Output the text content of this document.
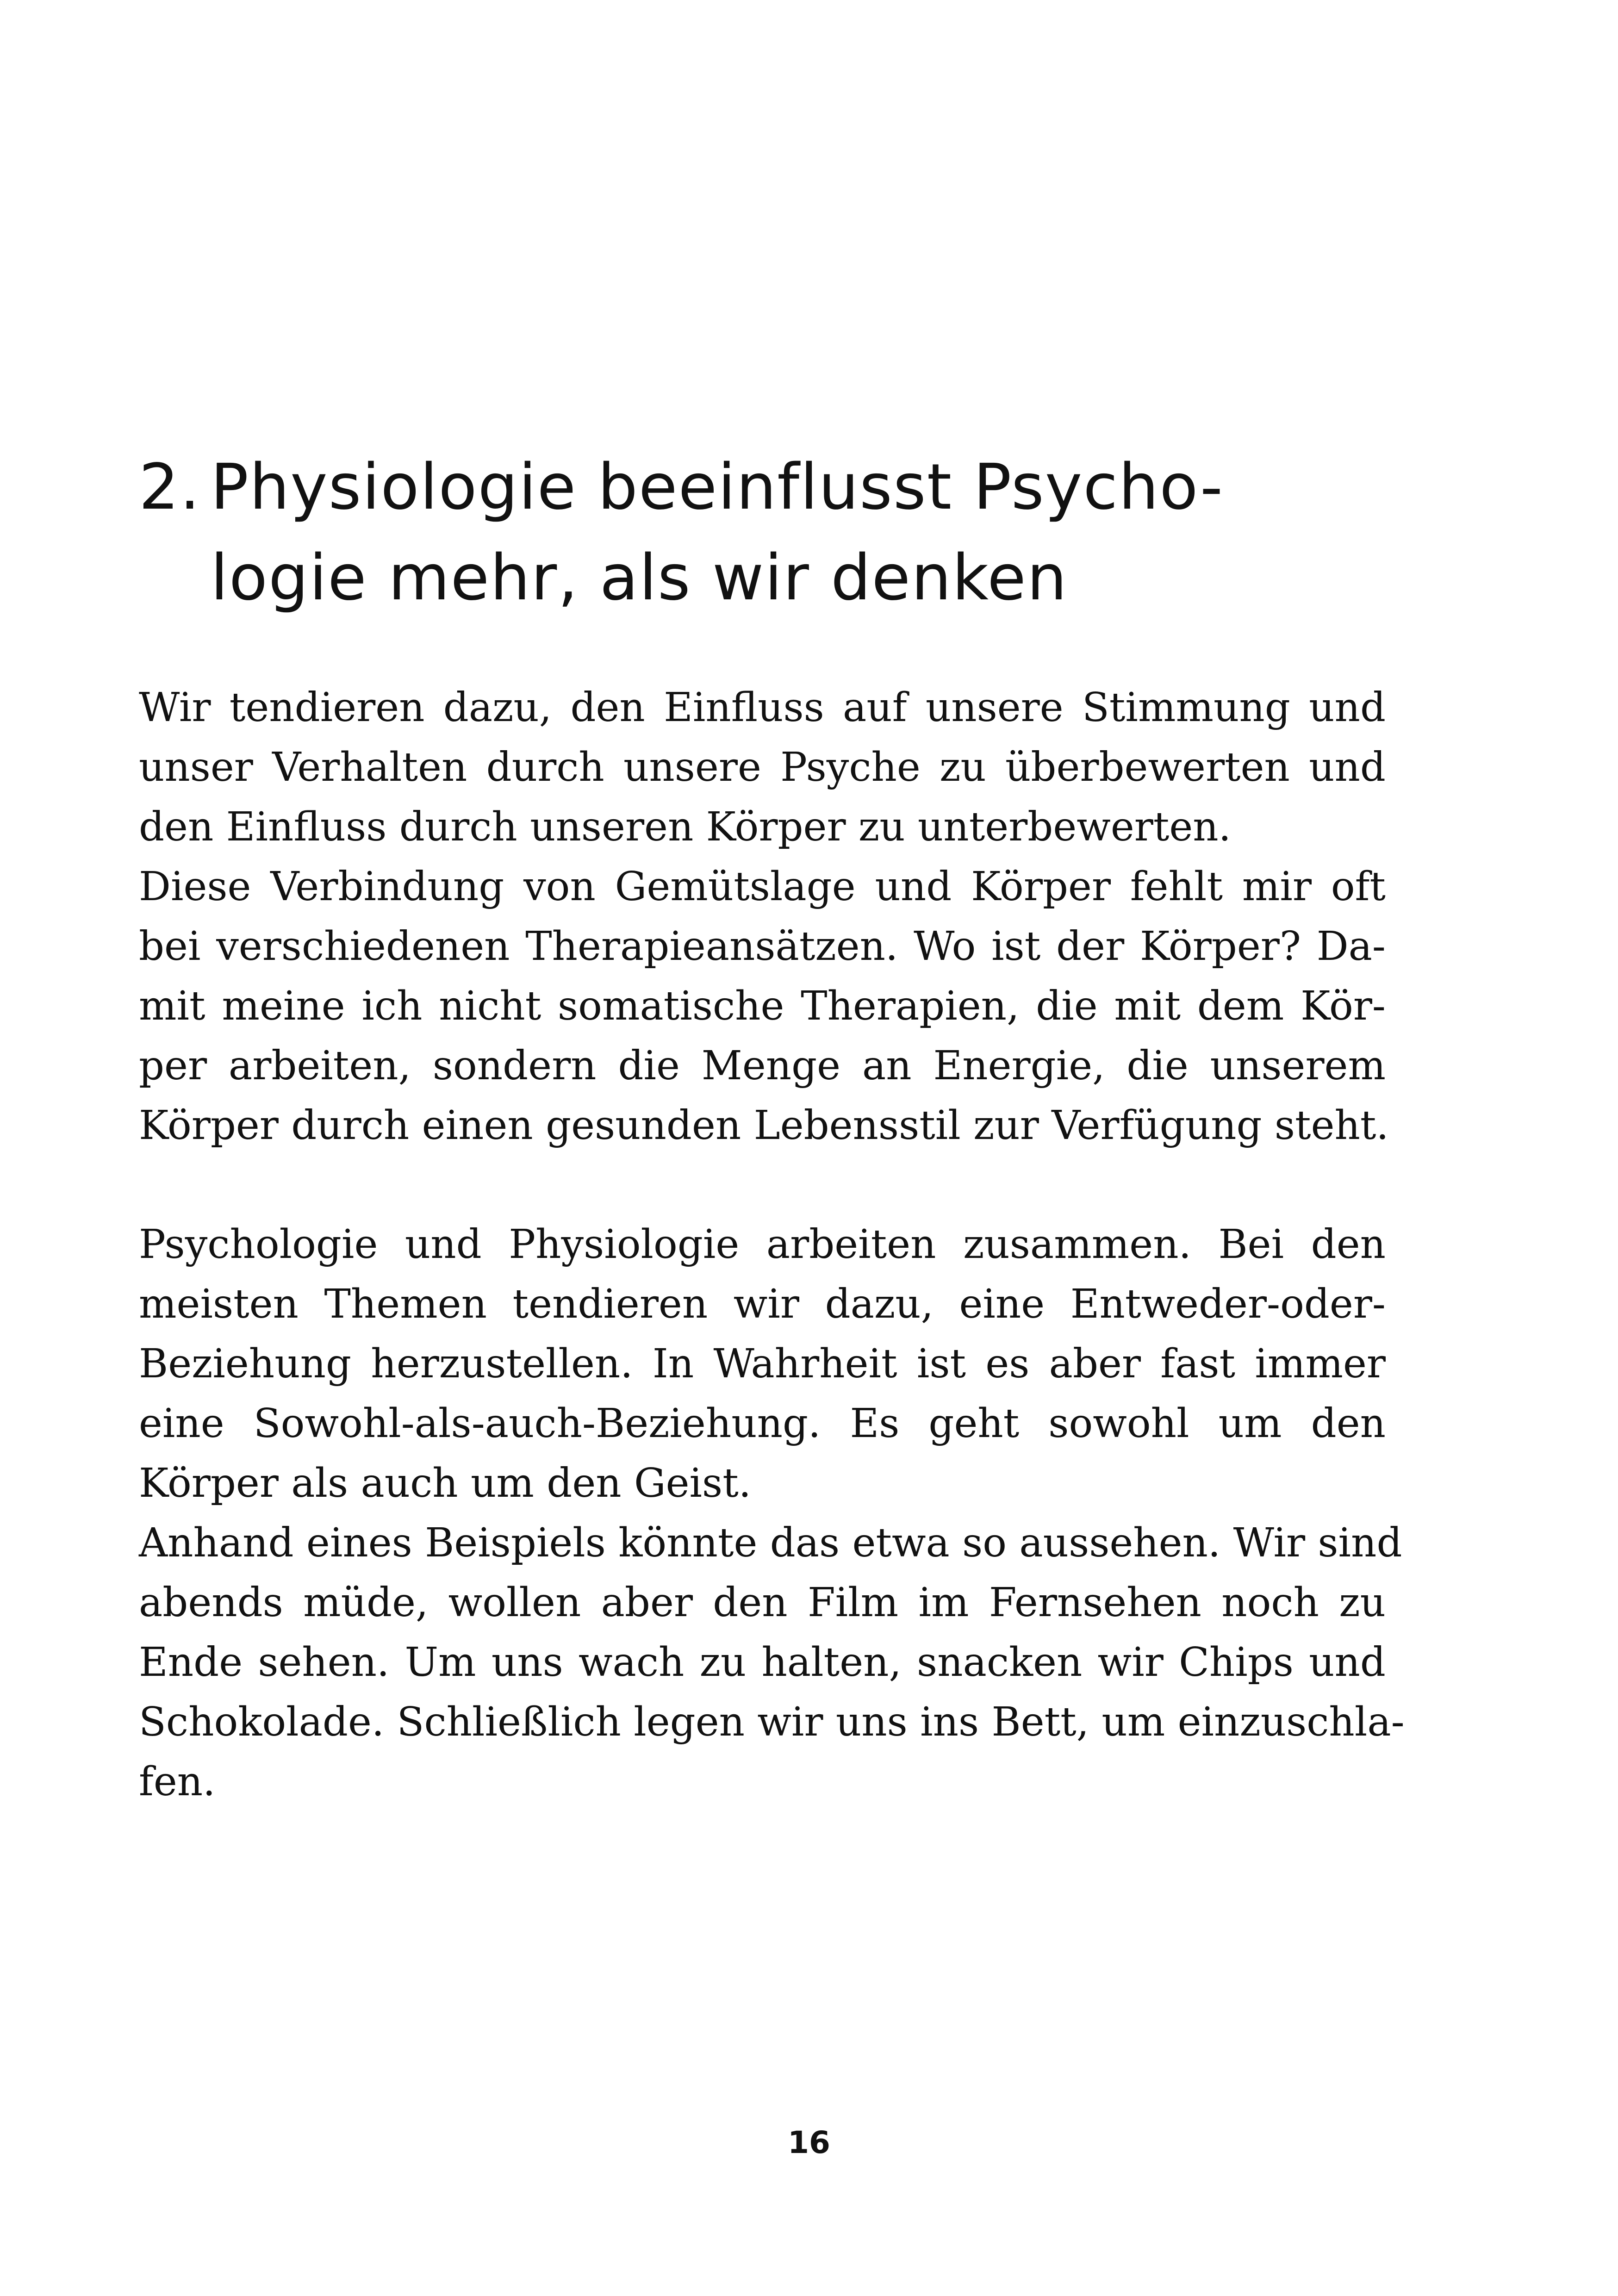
2. Physiologie beeinflusst Psycho-
logie mehr, als wir denken
Wir tendieren dazu, den Einfluss auf unsere Stimmung und
unser Verhalten durch unsere Psyche zu überbewerten und
den Einfluss durch unseren Körper zu unterbewerten.
Diese Verbindung von Gemütslage und Körper fehlt mir oft
bei verschiedenen Therapieansätzen. Wo ist der Körper? Da-
mit meine ich nicht somatische Therapien, die mit dem Kör-
per arbeiten, sondern die Menge an Energie, die unserem
Körper durch einen gesunden Lebensstil zur Verfügung steht.
Psychologie und Physiologie arbeiten zusammen. Bei den
meisten Themen tendieren wir dazu, eine Entweder-oder-
Beziehung herzustellen. In Wahrheit ist es aber fast immer
eine Sowohl-als-auch-Beziehung. Es geht sowohl um den
Körper als auch um den Geist.
Anhand eines Beispiels könnte das etwa so aussehen. Wir sind
abends müde, wollen aber den Film im Fernsehen noch zu
Ende sehen. Um uns wach zu halten, snacken wir Chips und
Schokolade. Schließlich legen wir uns ins Bett, um einzuschla-
fen.
16
